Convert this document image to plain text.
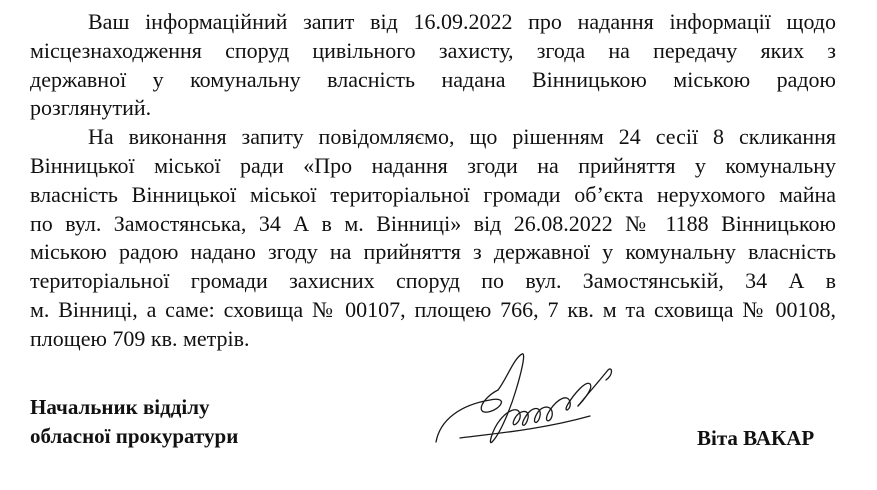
Ваш інформаційний запит від 16.09.2022 про надання інформації щодо
місцезнаходження споруд цивільного захисту, згода на передачу яких з
державної у комунальну власність надана Вінницькою міською радою
розглянутий.

На виконання запиту повідомляємо, що рішенням 24 сесії 8 скликання
Вінницької міської ради «Про надання згоди на прийняття у комунальну
власність Вінницької міської територіальної громади об’єкта нерухомого майна
по вул. Замостянська, 34 А в м. Вінниці» від 26.08.2022 № 1188 Вінницькою
міською радою надано згоду на прийняття з державної у комунальну власність
територіальної громади захисних споруд по вул. Замостянській, 34 А в
м. Вінниці, а саме: сховища № 00107, площею 766, 7 кв. м та сховища № 00108,
площею 709 кв. метрів.

Начальник відділу
обласної прокуратури	Віта ВАКАР
